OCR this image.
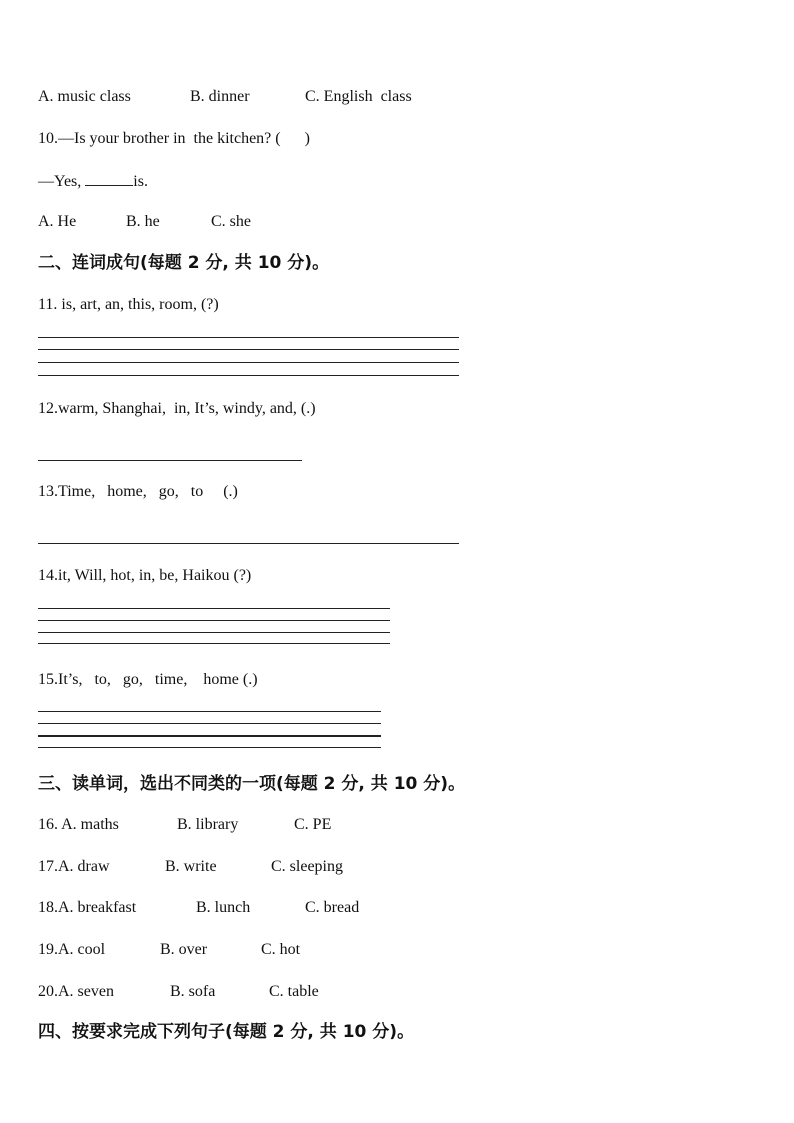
A. music class	B. dinner	C. English  class
10.—Is your brother in  the kitchen? (      )
—Yes,	is.
A. He	B. he	C. she
二、连词成句(每题 2 分, 共 10 分)。
11. is, art, an, this, room, (?)
12.warm, Shanghai,  in, It’s, windy, and, (.)
13.Time,   home,   go,   to     (.)
14.it, Will, hot, in, be, Haikou (?)
15.It’s,   to,   go,   time,    home (.)
三、读单词，选出不同类的一项(每题 2 分, 共 10 分)。
16. A. maths	B. library	C. PE
17.A. draw	B. write	C. sleeping
18.A. breakfast	B. lunch	C. bread
19.A. cool	B. over	C. hot
20.A. seven	B. sofa	C. table
四、按要求完成下列句子(每题 2 分, 共 10 分)。
